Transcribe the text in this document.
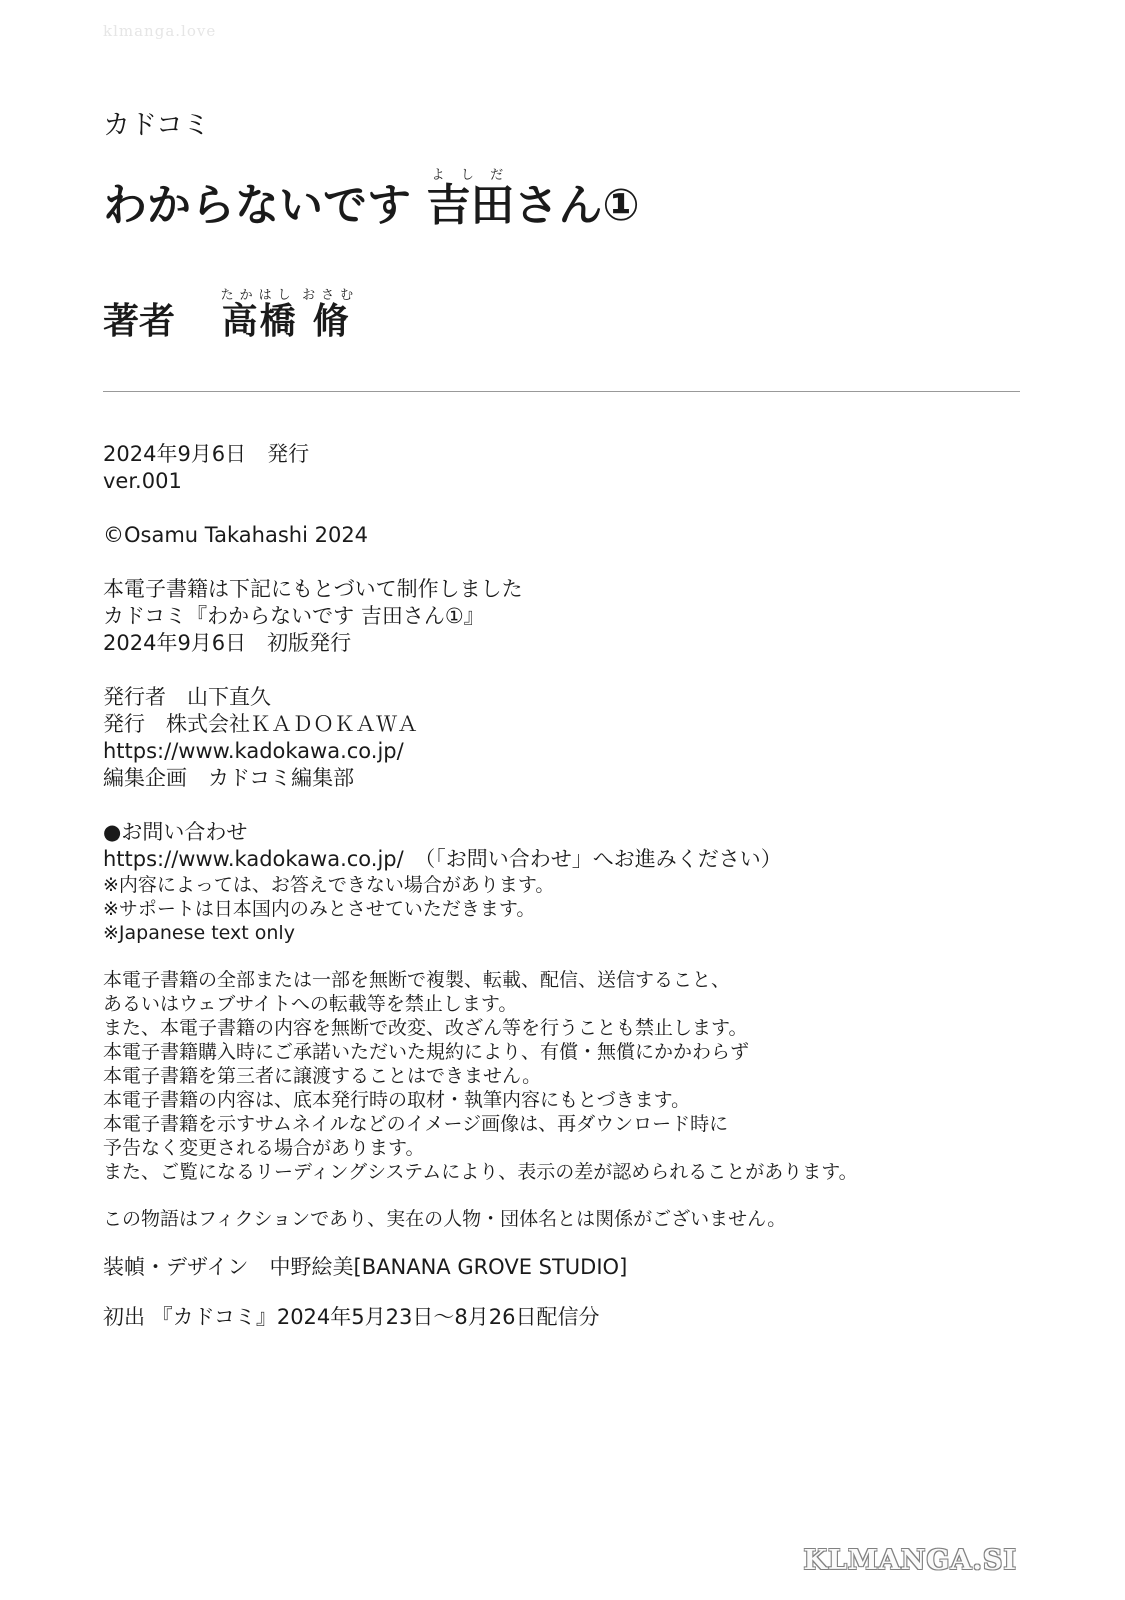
klmanga.love
カドコミ
わからないです 吉田よしださん①
著者 高橋たかはし 脩おさむ
2024年9月6日　発行
ver.001
©Osamu Takahashi 2024
本電子書籍は下記にもとづいて制作しました
カドコミ『わからないです 吉田さん①』
2024年9月6日　初版発行
発行者　山下直久
発行　株式会社ＫＡＤＯＫＡＷＡ
https://www.kadokawa.co.jp/
編集企画　カドコミ編集部
●お問い合わせ
https://www.kadokawa.co.jp/　（「お問い合わせ」へお進みください）
※内容によっては、お答えできない場合があります。
※サポートは日本国内のみとさせていただきます。
※Japanese text only
本電子書籍の全部または一部を無断で複製、転載、配信、送信すること、
あるいはウェブサイトへの転載等を禁止します。
また、本電子書籍の内容を無断で改変、改ざん等を行うことも禁止します。
本電子書籍購入時にご承諾いただいた規約により、有償・無償にかかわらず
本電子書籍を第三者に譲渡することはできません。
本電子書籍の内容は、底本発行時の取材・執筆内容にもとづきます。
本電子書籍を示すサムネイルなどのイメージ画像は、再ダウンロード時に
予告なく変更される場合があります。
また、ご覧になるリーディングシステムにより、表示の差が認められることがあります。
この物語はフィクションであり、実在の人物・団体名とは関係がございません。
装幀・デザイン　中野絵美[BANANA GROVE STUDIO]
初出 『カドコミ』2024年5月23日〜8月26日配信分
KLMANGA.SI
